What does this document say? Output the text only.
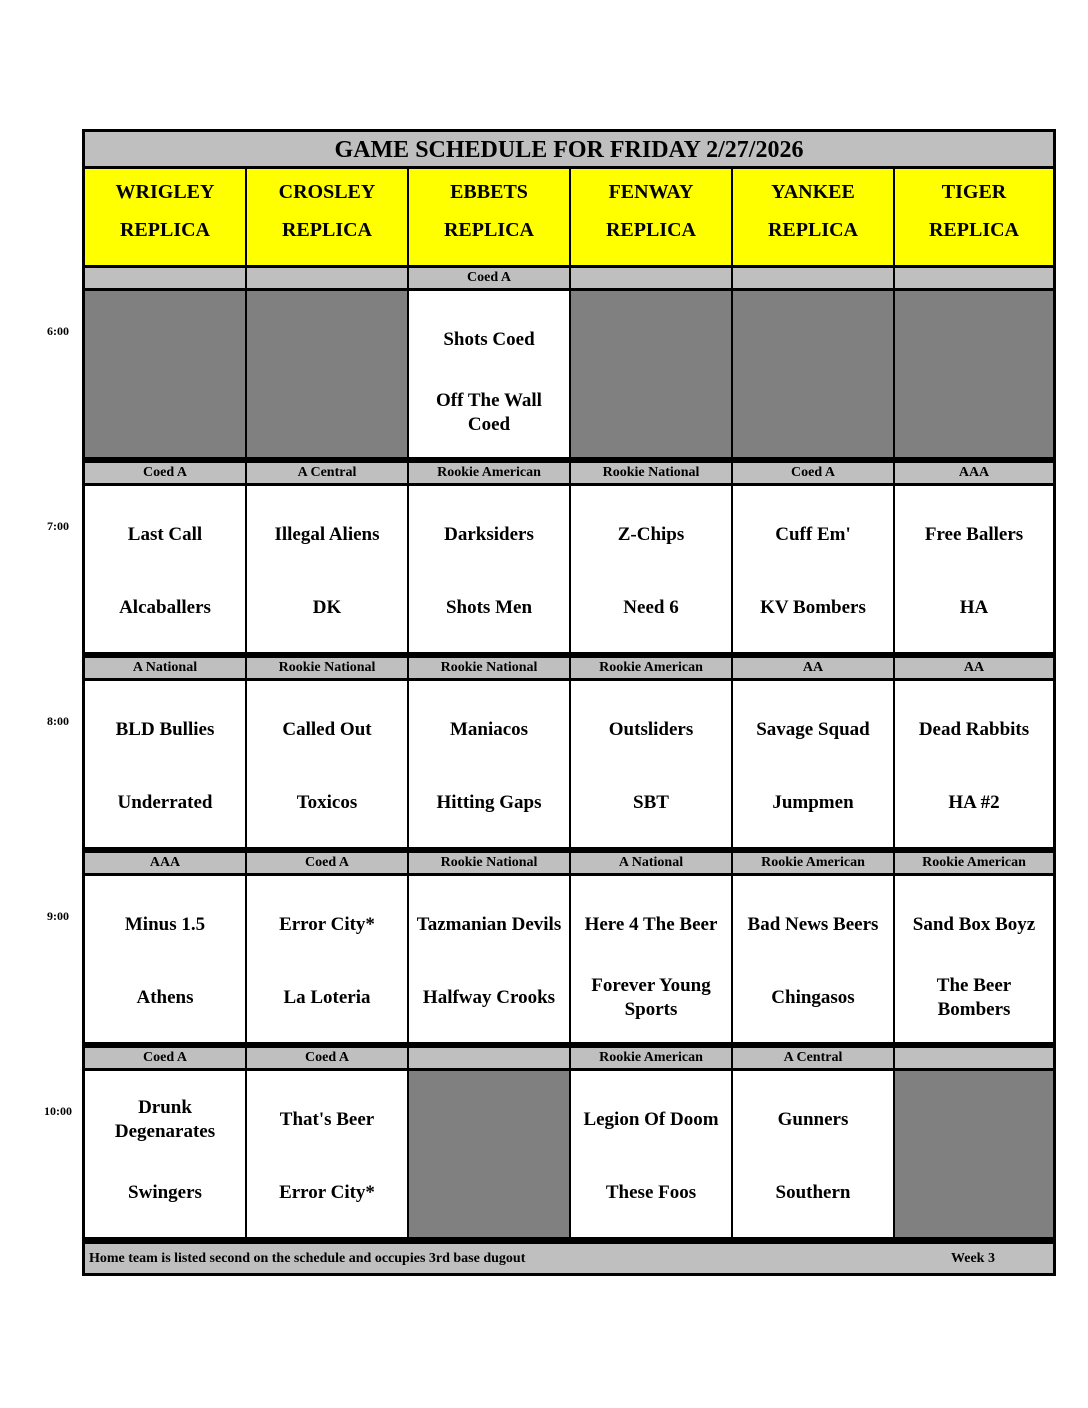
GAME SCHEDULE FOR FRIDAY 2/27/2026
WRIGLEY
REPLICA
CROSLEY
REPLICA
EBBETS
REPLICA
FENWAY
REPLICA
YANKEE
REPLICA
TIGER
REPLICA
Coed A
Shots Coed
Off The Wall
Coed
Coed A
Last Call
Alcaballers
A Central
Illegal Aliens
DK
Rookie American
Darksiders
Shots Men
Rookie National
Z-Chips
Need 6
Coed A
Cuff Em'
KV Bombers
AAA
Free Ballers
HA
A National
BLD Bullies
Underrated
Rookie National
Called Out
Toxicos
Rookie National
Maniacos
Hitting Gaps
Rookie American
Outsliders
SBT
AA
Savage Squad
Jumpmen
AA
Dead Rabbits
HA #2
AAA
Minus 1.5
Athens
Coed A
Error City*
La Loteria
Rookie National
Tazmanian Devils
Halfway Crooks
A National
Here 4 The Beer
Forever Young
Sports
Rookie American
Bad News Beers
Chingasos
Rookie American
Sand Box Boyz
The Beer
Bombers
Coed A
Drunk
Degenarates
Swingers
Coed A
That's Beer
Error City*
Rookie American
Legion Of Doom
These Foos
A Central
Gunners
Southern
Home team is listed second on the schedule and occupies 3rd base dugout	Week 3
6:00
7:00
8:00
9:00
10:00
